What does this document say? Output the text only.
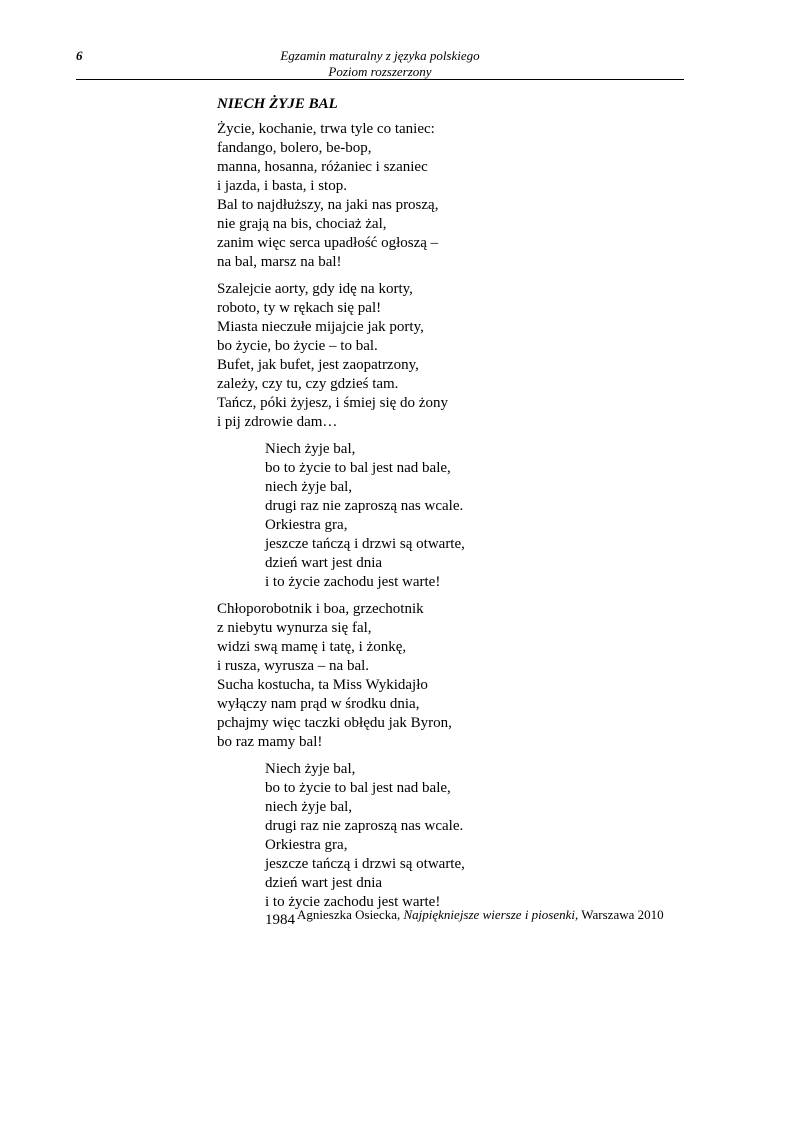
6	Egzamin maturalny z języka polskiego
Poziom rozszerzony
NIECH ŻYJE BAL
Życie, kochanie, trwa tyle co taniec:
fandango, bolero, be-bop,
manna, hosanna, różaniec i szaniec
i jazda, i basta, i stop.
Bal to najdłuższy, na jaki nas proszą,
nie grają na bis, chociaż żal,
zanim więc serca upadłość ogłoszą –
na bal, marsz na bal!
Szalejcie aorty, gdy idę na korty,
roboto, ty w rękach się pal!
Miasta nieczułe mijajcie jak porty,
bo życie, bo życie – to bal.
Bufet, jak bufet, jest zaopatrzony,
zależy, czy tu, czy gdzieś tam.
Tańcz, póki żyjesz, i śmiej się do żony
i pij zdrowie dam…
Niech żyje bal,
bo to życie to bal jest nad bale,
niech żyje bal,
drugi raz nie zaproszą nas wcale.
Orkiestra gra,
jeszcze tańczą i drzwi są otwarte,
dzień wart jest dnia
i to życie zachodu jest warte!
Chłoporobotnik i boa, grzechotnik
z niebytu wynurza się fal,
widzi swą mamę i tatę, i żonkę,
i rusza, wyrusza – na bal.
Sucha kostucha, ta Miss Wykidajło
wyłączy nam prąd w środku dnia,
pchajmy więc taczki obłędu jak Byron,
bo raz mamy bal!
Niech żyje bal,
bo to życie to bal jest nad bale,
niech żyje bal,
drugi raz nie zaproszą nas wcale.
Orkiestra gra,
jeszcze tańczą i drzwi są otwarte,
dzień wart jest dnia
i to życie zachodu jest warte!
1984 Agnieszka Osiecka, Najpiękniejsze wiersze i piosenki, Warszawa 2010
